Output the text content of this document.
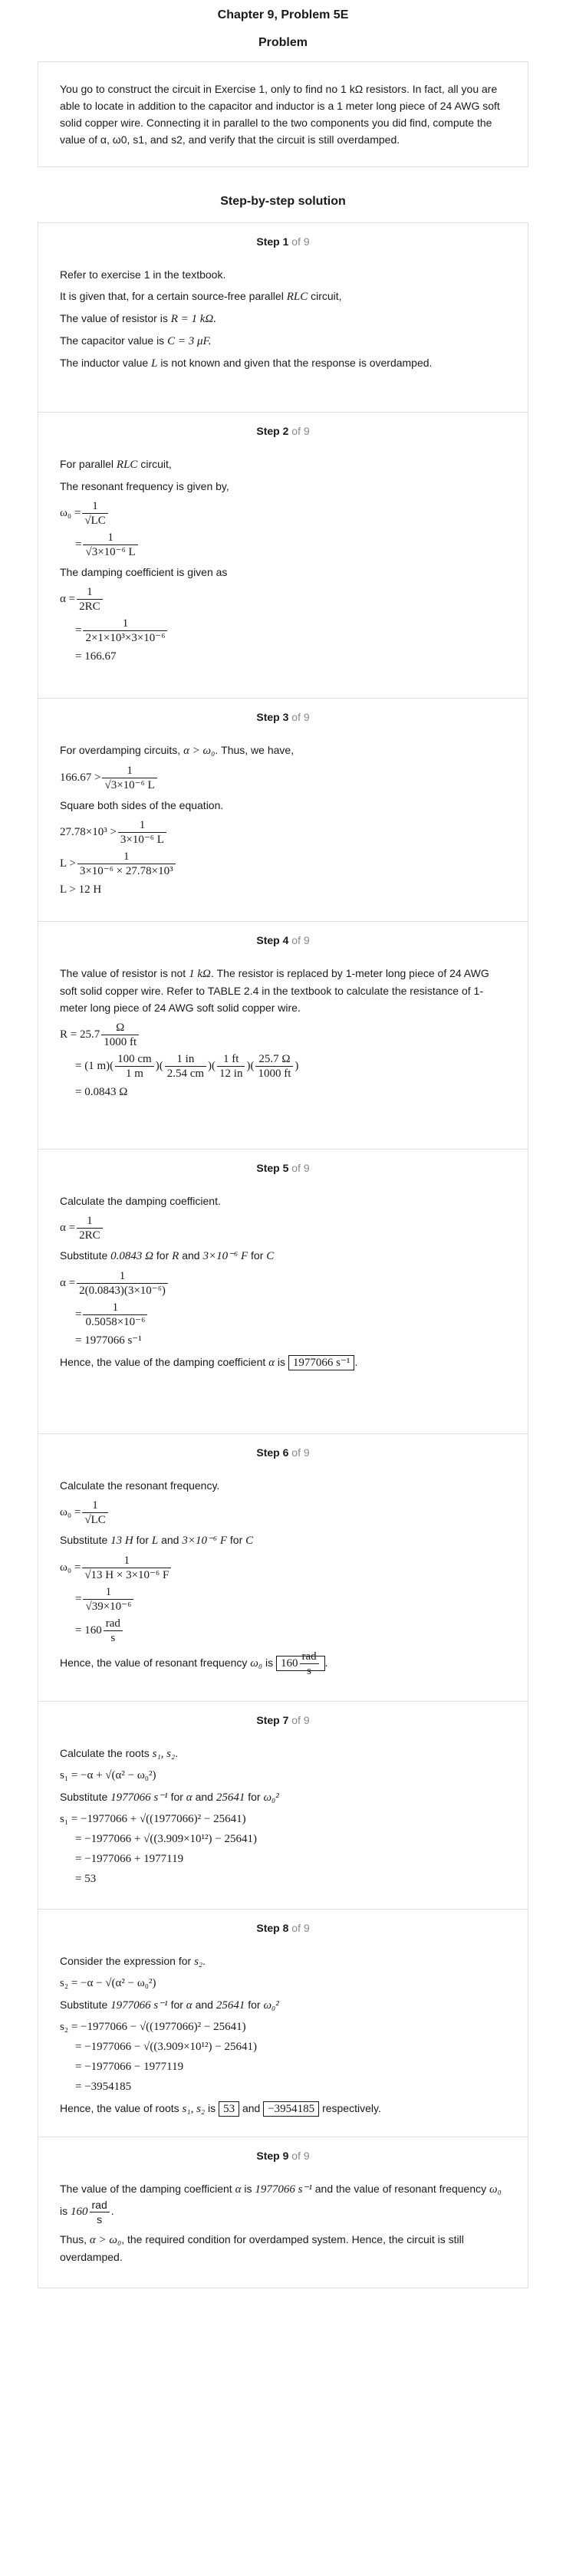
Chapter 9, Problem 5E
Problem
You go to construct the circuit in Exercise 1, only to find no 1 kΩ resistors. In fact, all you are able to locate in addition to the capacitor and inductor is a 1 meter long piece of 24 AWG soft solid copper wire. Connecting it in parallel to the two components you did find, compute the value of α, ω0, s1, and s2, and verify that the circuit is still overdamped.
Step-by-step solution
Step 1 of 9
Refer to exercise 1 in the textbook.
It is given that, for a certain source-free parallel RLC circuit,
The value of resistor is R = 1 kΩ.
The capacitor value is C = 3 μF.
The inductor value L is not known and given that the response is overdamped.
Step 2 of 9
For parallel RLC circuit,
The resonant frequency is given by,
$\omega_0 = \frac{1}{√LC}$
= $\frac{1}{\text{√3×10⁻⁶ L}}$
The damping coefficient is given as
$\alpha = \frac{1}{2RC}$
= $\frac{1}{\text{2×1×10³×3×10⁻⁶}}$
= 166.67
Step 3 of 9
For overdamping circuits, α > ω₀. Thus, we have,
$166.67 > \frac{1}{\text{√3×10⁻⁶ L}}$
Square both sides of the equation.
$27.78\times 10^3 > \frac{1}{\text{3×10⁻⁶ L}}$
$L > \frac{1}{\text{3×10⁻⁶ × 27.78×10³}}$
L > 12 H
Step 4 of 9
The value of resistor is not 1 kΩ. The resistor is replaced by 1-meter long piece of 24 AWG soft solid copper wire. Refer to TABLE 2.4 in the textbook to calculate the resistance of 1-meter long piece of 24 AWG soft solid copper wire.
$R = 25.7 \frac{\Omega}{1000 ft}$
= (1 $m)( \frac{100 cm}{1 m}$ )( $\frac{1 in}{2.54 cm}$ )( $\frac{1 ft}{12 in}$ )( $\frac{25.7 \Omega}{1000 ft}$ )
= 0.0843 Ω
Step 5 of 9
Calculate the damping coefficient.
$\alpha = \frac{1}{2RC}$
Substitute 0.0843 Ω for R and 3×10⁻⁶ F for C
$\alpha = \frac{1}{\text{2(0.0843)(3×10⁻⁶)}}$
= $\frac{1}{\text{0.5058×10⁻⁶}}$
= 1977066 s⁻¹
Hence, the value of the damping coefficient α is 1977066 s⁻¹ .
Step 6 of 9
Calculate the resonant frequency.
$\omega_0 = \frac{1}{√LC}$
Substitute 13 H for L and 3×10⁻⁶ F for C
$\omega_0 = \frac{1}{\text{√13 H × 3×10⁻⁶ F}}$
= $\frac{1}{\text{√39×10⁻⁶}}$
= $160 \frac{\text{rad}}{s}$
Hence, the value of resonant frequency ω₀ is $160 \frac{\text{rad}}{s}$ .
Step 7 of 9
Calculate the roots s₁, s₂.
s₁ = −α + √(α² − ω₀²)
Substitute 1977066 s⁻¹ for α and 25641 for ω₀²
s₁ = −1977066 + √((1977066)² − 25641)
= −1977066 + √((3.909×10¹²) − 25641)
= −1977066 + 1977119
= 53
Step 8 of 9
Consider the expression for s₂.
s₂ = −α − √(α² − ω₀²)
Substitute 1977066 s⁻¹ for α and 25641 for ω₀²
s₂ = −1977066 − √((1977066)² − 25641)
= −1977066 − √((3.909×10¹²) − 25641)
= −1977066 − 1977119
= −3954185
Hence, the value of roots s₁, s₂ is 53 and −3954185 respectively.
Step 9 of 9
The value of the damping coefficient α is 1977066 s⁻¹ and the value of resonant frequency ω₀ is $160 \frac{\text{rad}}{s}$ .
Thus, α > ω₀, the required condition for overdamped system. Hence, the circuit is still overdamped.
